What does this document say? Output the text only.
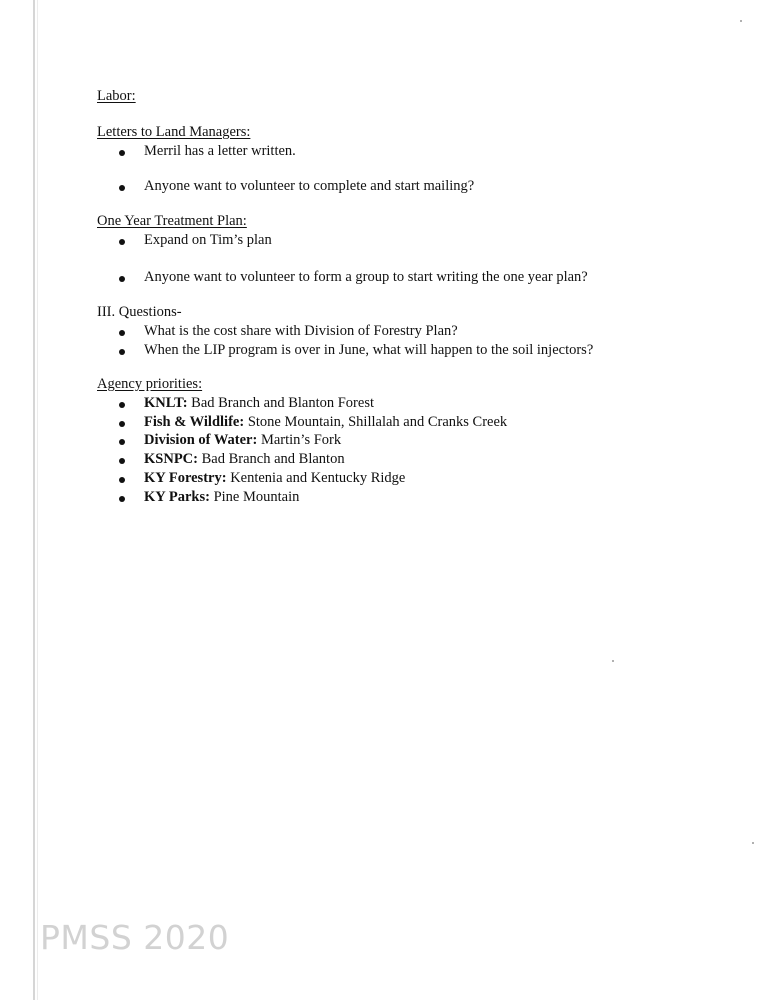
Labor:
Letters to Land Managers:
Merril has a letter written.
Anyone want to volunteer to complete and start mailing?
One Year Treatment Plan:
Expand on Tim’s plan
Anyone want to volunteer to form a group to start writing the one year plan?
III. Questions-
What is the cost share with Division of Forestry Plan?
When the LIP program is over in June, what will happen to the soil injectors?
Agency priorities:
KNLT: Bad Branch and Blanton Forest
Fish & Wildlife: Stone Mountain, Shillalah and Cranks Creek
Division of Water: Martin’s Fork
KSNPC: Bad Branch and Blanton
KY Forestry: Kentenia and Kentucky Ridge
KY Parks: Pine Mountain
PMSS 2020
